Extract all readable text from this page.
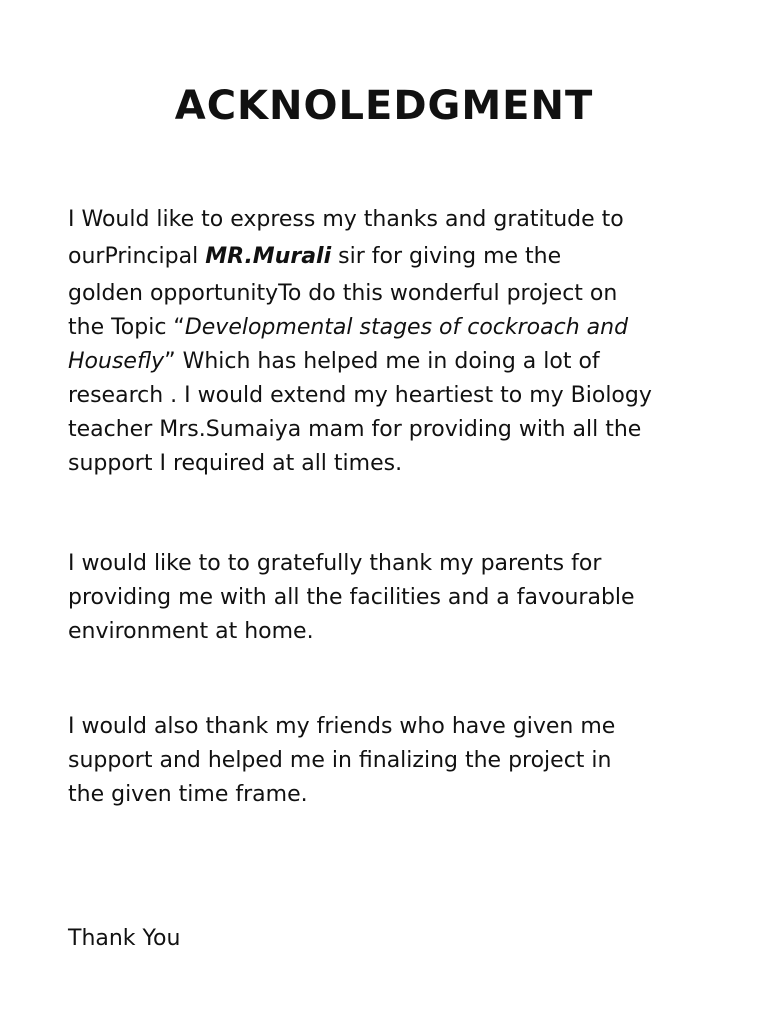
ACKNOLEDGMENT
I Would like to express my thanks and gratitude to
ourPrincipal MR.Murali sir for giving me the
golden opportunityTo do this wonderful project on
the Topic “Developmental stages of cockroach and
Housefly” Which has helped me in doing a lot of
research . I would extend my heartiest to my Biology
teacher Mrs.Sumaiya mam for providing with all the
support I required at all times.
I would like to to gratefully thank my parents for
providing me with all the facilities and a favourable
environment at home.
I would also thank my friends who have given me
support and helped me in finalizing the project in
the given time frame.

Thank You
